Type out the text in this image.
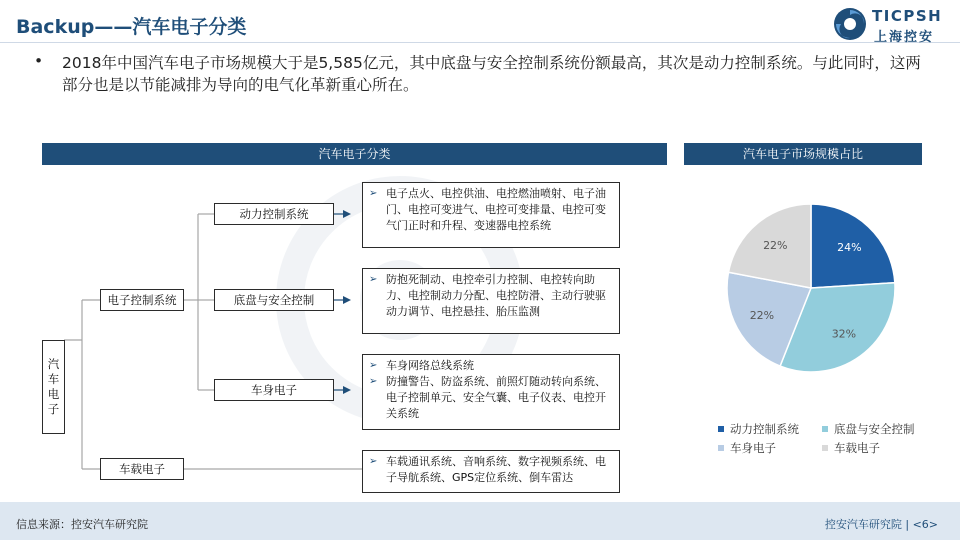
Backup——汽车电子分类	TICPSH
上海控安
• 2018年中国汽车电子市场规模大于是5,585亿元，其中底盘与安全控制系统份额最高，其次是动力控制系统。与此同时，这两部分也是以节能减排为导向的电气化革新重心所在。
汽车电子分类
汽
车
电
子
电子控制系统
车载电子
动力控制系统
底盘与安全控制
车身电子
➢ 电子点火、电控供油、电控燃油喷射、电子油门、电控可变进气、电控可变排量、电控可变气门正时和升程、变速器电控系统
➢ 防抱死制动、电控牵引力控制、电控转向助力、电控制动力分配、电控防滑、主动行驶驱动力调节、电控悬挂、胎压监测
➢ 车身网络总线系统
➢ 防撞警告、防盗系统、前照灯随动转向系统、电子控制单元、安全气囊、电子仪表、电控开关系统
➢ 车载通讯系统、音响系统、数字视频系统、电子导航系统、GPS定位系统、倒车雷达
汽车电子市场规模占比
24%
32%
22%
22%
动力控制系统	底盘与安全控制
车身电子	车载电子
信息来源：控安汽车研究院	控安汽车研究院 | <6>
